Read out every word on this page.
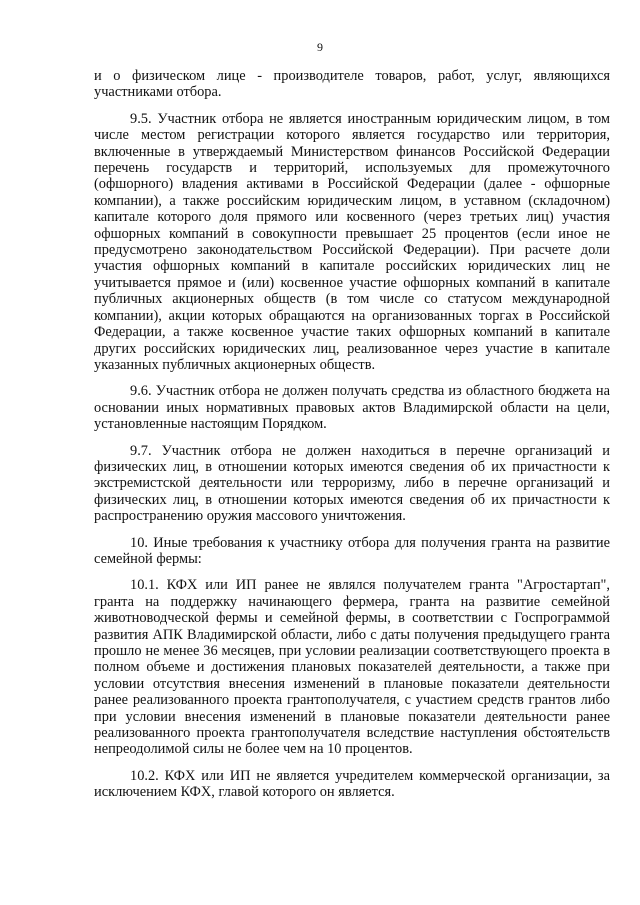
9

и о физическом лице - производителе товаров, работ, услуг, являющихся участниками отбора.

9.5. Участник отбора не является иностранным юридическим лицом, в том числе местом регистрации которого является государство или территория, включенные в утверждаемый Министерством финансов Российской Федерации перечень государств и территорий, используемых для промежуточного (офшорного) владения активами в Российской Федерации (далее - офшорные компании), а также российским юридическим лицом, в уставном (складочном) капитале которого доля прямого или косвенного (через третьих лиц) участия офшорных компаний в совокупности превышает 25 процентов (если иное не предусмотрено законодательством Российской Федерации). При расчете доли участия офшорных компаний в капитале российских юридических лиц не учитывается прямое и (или) косвенное участие офшорных компаний в капитале публичных акционерных обществ (в том числе со статусом международной компании), акции которых обращаются на организованных торгах в Российской Федерации, а также косвенное участие таких офшорных компаний в капитале других российских юридических лиц, реализованное через участие в капитале указанных публичных акционерных обществ.

9.6. Участник отбора не должен получать средства из областного бюджета на основании иных нормативных правовых актов Владимирской области на цели, установленные настоящим Порядком.

9.7. Участник отбора не должен находиться в перечне организаций и физических лиц, в отношении которых имеются сведения об их причастности к экстремистской деятельности или терроризму, либо в перечне организаций и физических лиц, в отношении которых имеются сведения об их причастности к распространению оружия массового уничтожения.

10. Иные требования к участнику отбора для получения гранта на развитие семейной фермы:

10.1. КФХ или ИП ранее не являлся получателем гранта "Агростартап", гранта на поддержку начинающего фермера, гранта на развитие семейной животноводческой фермы и семейной фермы, в соответствии с Госпрограммой развития АПК Владимирской области, либо с даты получения предыдущего гранта прошло не менее 36 месяцев, при условии реализации соответствующего проекта в полном объеме и достижения плановых показателей деятельности, а также при условии отсутствия внесения изменений в плановые показатели деятельности ранее реализованного проекта грантополучателя, с участием средств грантов либо при условии внесения изменений в плановые показатели деятельности ранее реализованного проекта грантополучателя вследствие наступления обстоятельств непреодолимой силы не более чем на 10 процентов.

10.2. КФХ или ИП не является учредителем коммерческой организации, за исключением КФХ, главой которого он является.
